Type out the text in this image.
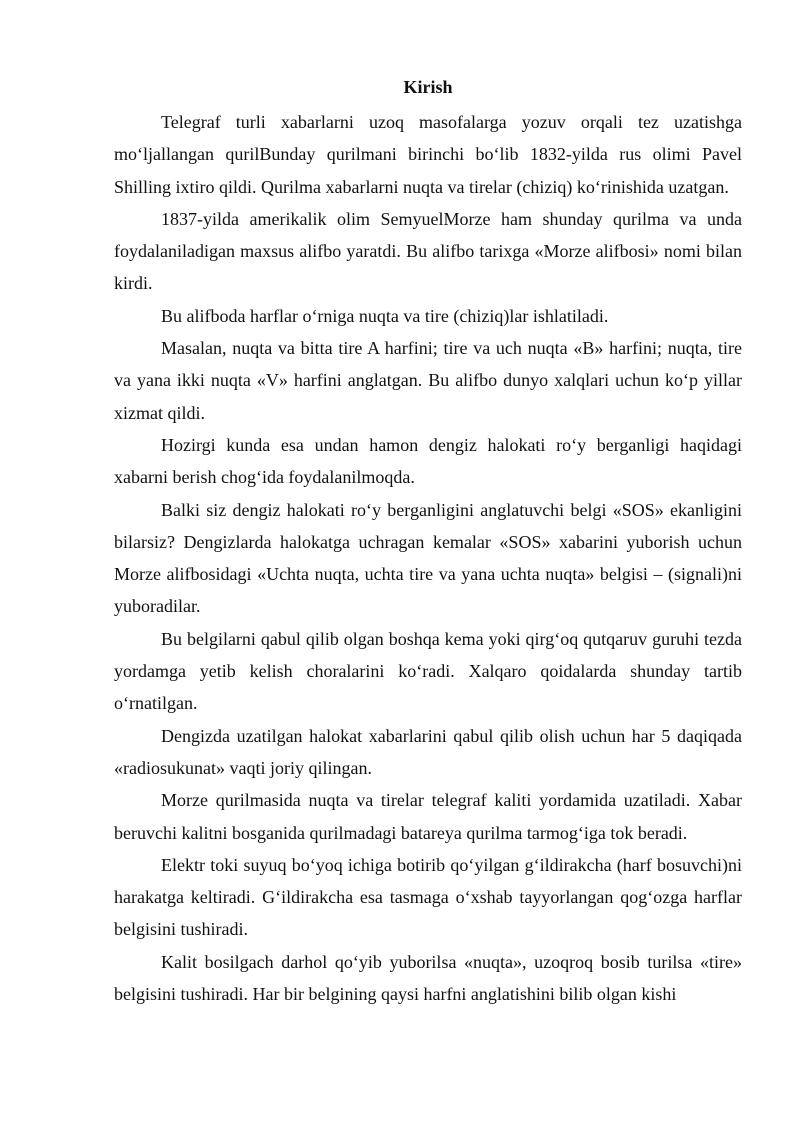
Kirish

Telegraf turli xabarlarni uzoq masofalarga yozuv orqali tez uzatishga mo‘ljallangan qurilBunday qurilmani birinchi bo‘lib 1832-yilda rus olimi Pavel Shilling ixtiro qildi. Qurilma xabarlarni nuqta va tirelar (chiziq) ko‘rinishida uzatgan.

1837-yilda amerikalik olim SemyuelMorze ham shunday qurilma va unda foydalaniladigan maxsus alifbo yaratdi. Bu alifbo tarixga «Morze alifbosi» nomi bilan kirdi.

Bu alifboda harflar o‘rniga nuqta va tire (chiziq)lar ishlatiladi.

Masalan, nuqta va bitta tire A harfini; tire va uch nuqta «B» harfini; nuqta, tire va yana ikki nuqta «V» harfini anglatgan. Bu alifbo dunyo xalqlari uchun ko‘p yillar xizmat qildi.

Hozirgi kunda esa undan hamon dengiz halokati ro‘y berganligi haqidagi xabarni berish chog‘ida foydalanilmoqda.

Balki siz dengiz halokati ro‘y berganligini anglatuvchi belgi «SOS» ekanligini bilarsiz? Dengizlarda halokatga uchragan kemalar «SOS» xabarini yuborish uchun Morze alifbosidagi «Uchta nuqta, uchta tire va yana uchta nuqta» belgisi – (signali)ni yuboradilar.

Bu belgilarni qabul qilib olgan boshqa kema yoki qirg‘oq qutqaruv guruhi tezda yordamga yetib kelish choralarini ko‘radi. Xalqaro qoidalarda shunday tartib o‘rnatilgan.

Dengizda uzatilgan halokat xabarlarini qabul qilib olish uchun har 5 daqiqada «radiosukunat» vaqti joriy qilingan.

Morze qurilmasida nuqta va tirelar telegraf kaliti yordamida uzatiladi. Xabar beruvchi kalitni bosganida qurilmadagi batareya qurilma tarmog‘iga tok beradi.

Elektr toki suyuq bo‘yoq ichiga botirib qo‘yilgan g‘ildirakcha (harf bosuvchi)ni harakatga keltiradi. G‘ildirakcha esa tasmaga o‘xshab tayyorlangan qog‘ozga harflar belgisini tushiradi.

Kalit bosilgach darhol qo‘yib yuborilsa «nuqta», uzoqroq bosib turilsa «tire» belgisini tushiradi. Har bir belgining qaysi harfni anglatishini bilib olgan kishi
